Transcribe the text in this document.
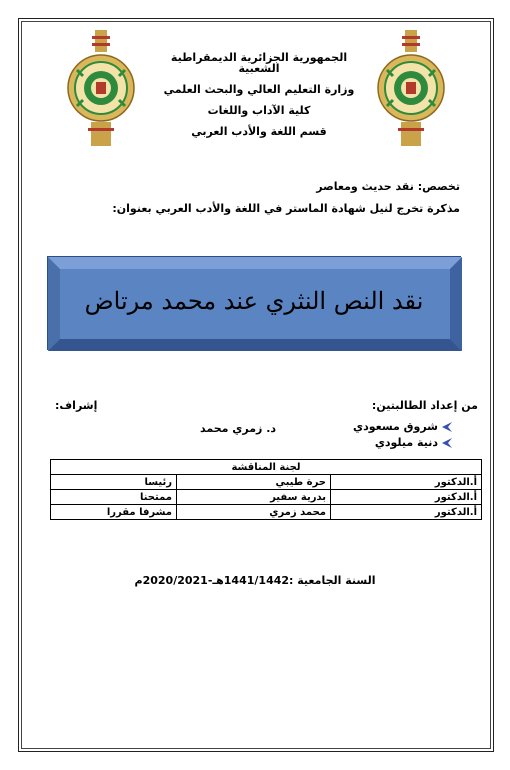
الجمهورية الجزائرية الديمقراطية الشعبية
وزارة التعليم العالي والبحث العلمي
كلية الآداب واللغات
قسم اللغة والأدب العربي
تخصص: نقد حديث ومعاصر
مذكرة تخرج لنيل شهادة الماستر في اللغة والأدب العربي بعنوان:
نقد النص النثري عند محمد مرتاض
من إعداد الطالبتين:
إشراف:
شروق مسعودي
دنية ميلودي
د. زمري محمد
لجنة المناقشة		
أ.الدكتور	حرة طيبي	رئيسا
أ.الدكتور	بدرية سفير	ممتحنا
أ.الدكتور	محمد زمري	مشرفا مقررا
السنة الجامعية :1441/1442هـ-2020/2021م
